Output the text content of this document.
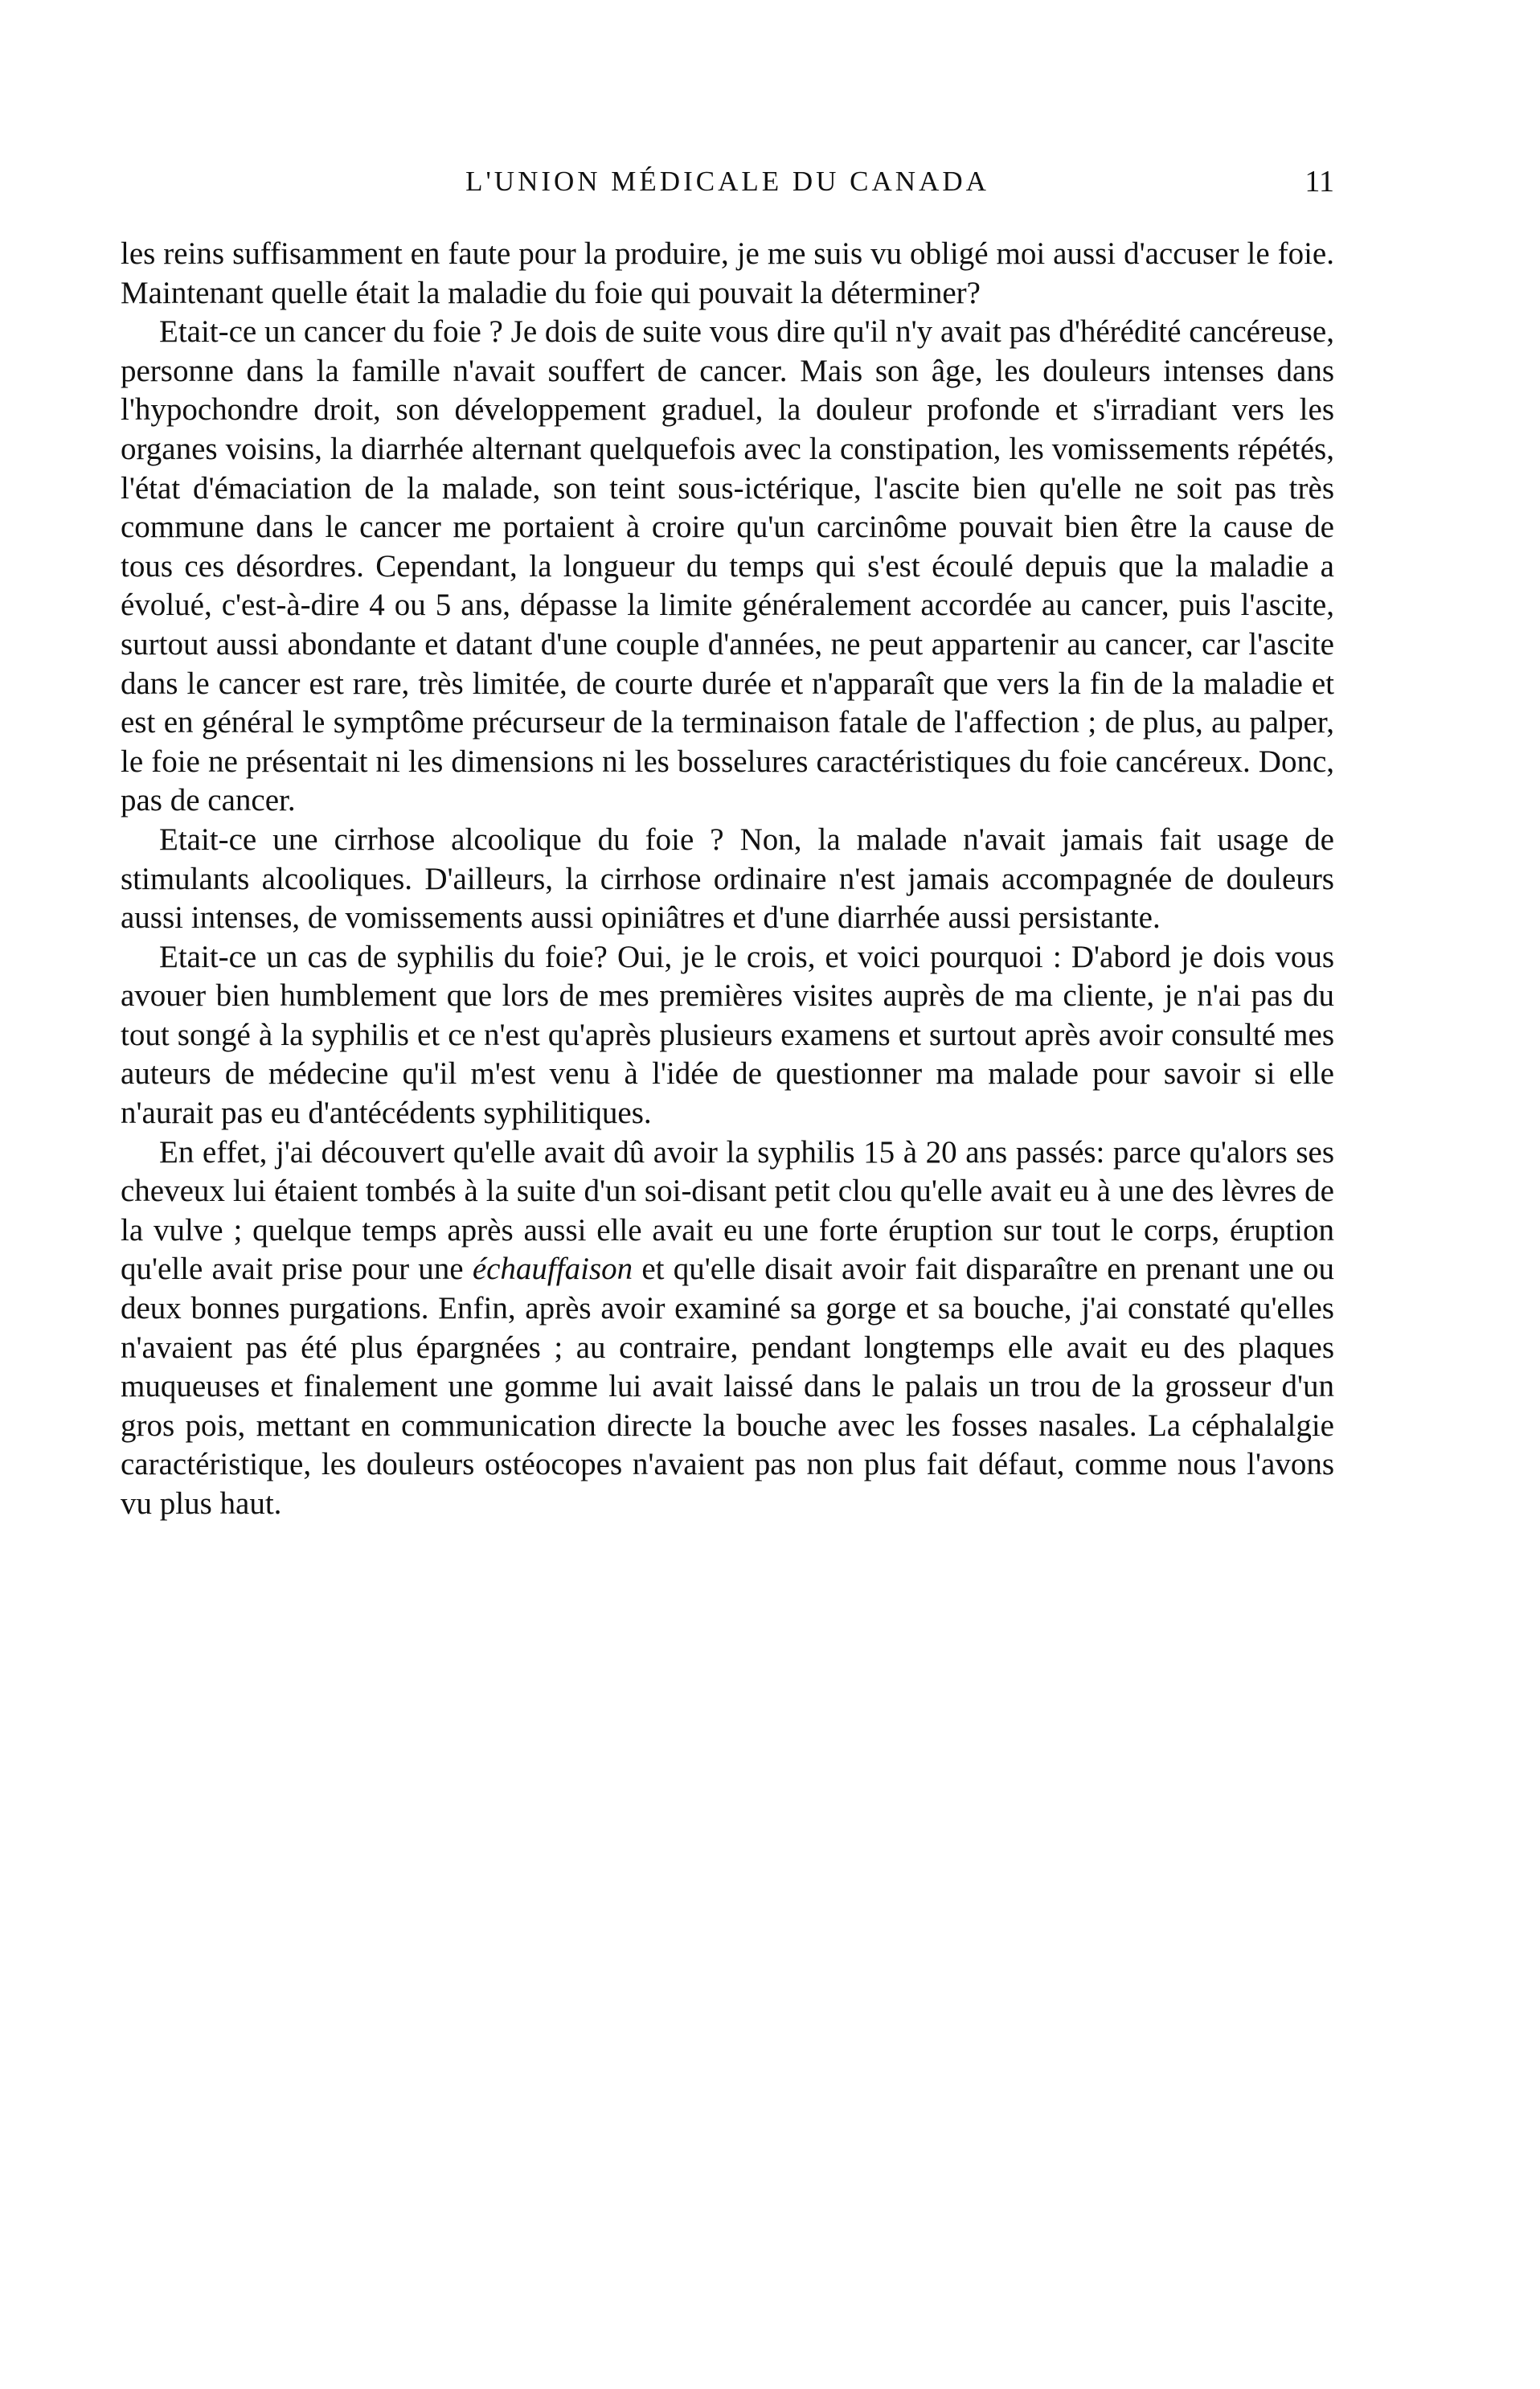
L'UNION MÉDICALE DU CANADA	11

les reins suffisamment en faute pour la produire, je me suis vu obligé moi aussi d'accuser le foie. Maintenant quelle était la maladie du foie qui pouvait la déterminer?

Etait-ce un cancer du foie ? Je dois de suite vous dire qu'il n'y avait pas d'hérédité cancéreuse, personne dans la famille n'avait souffert de cancer. Mais son âge, les douleurs intenses dans l'hypochondre droit, son développement graduel, la douleur profonde et s'irradiant vers les organes voisins, la diarrhée alternant quelquefois avec la constipation, les vomissements répétés, l'état d'émaciation de la malade, son teint sous-ictérique, l'ascite bien qu'elle ne soit pas très commune dans le cancer me portaient à croire qu'un carcinôme pouvait bien être la cause de tous ces désordres. Cependant, la longueur du temps qui s'est écoulé depuis que la maladie a évolué, c'est-à-dire 4 ou 5 ans, dépasse la limite généralement accordée au cancer, puis l'ascite, surtout aussi abondante et datant d'une couple d'années, ne peut appartenir au cancer, car l'ascite dans le cancer est rare, très limitée, de courte durée et n'apparaît que vers la fin de la maladie et est en général le symptôme précurseur de la terminaison fatale de l'affection ; de plus, au palper, le foie ne présentait ni les dimensions ni les bosselures caractéristiques du foie cancéreux. Donc, pas de cancer.

Etait-ce une cirrhose alcoolique du foie ? Non, la malade n'avait jamais fait usage de stimulants alcooliques. D'ailleurs, la cirrhose ordinaire n'est jamais accompagnée de douleurs aussi intenses, de vomissements aussi opiniâtres et d'une diarrhée aussi persistante.

Etait-ce un cas de syphilis du foie? Oui, je le crois, et voici pourquoi : D'abord je dois vous avouer bien humblement que lors de mes premières visites auprès de ma cliente, je n'ai pas du tout songé à la syphilis et ce n'est qu'après plusieurs examens et surtout après avoir consulté mes auteurs de médecine qu'il m'est venu à l'idée de questionner ma malade pour savoir si elle n'aurait pas eu d'antécédents syphilitiques.

En effet, j'ai découvert qu'elle avait dû avoir la syphilis 15 à 20 ans passés: parce qu'alors ses cheveux lui étaient tombés à la suite d'un soi-disant petit clou qu'elle avait eu à une des lèvres de la vulve ; quelque temps après aussi elle avait eu une forte éruption sur tout le corps, éruption qu'elle avait prise pour une échauffaison et qu'elle disait avoir fait disparaître en prenant une ou deux bonnes purgations. Enfin, après avoir examiné sa gorge et sa bouche, j'ai constaté qu'elles n'avaient pas été plus épargnées ; au contraire, pendant longtemps elle avait eu des plaques muqueuses et finalement une gomme lui avait laissé dans le palais un trou de la grosseur d'un gros pois, mettant en communication directe la bouche avec les fosses nasales. La céphalalgie caractéristique, les douleurs ostéocopes n'avaient pas non plus fait défaut, comme nous l'avons vu plus haut.
